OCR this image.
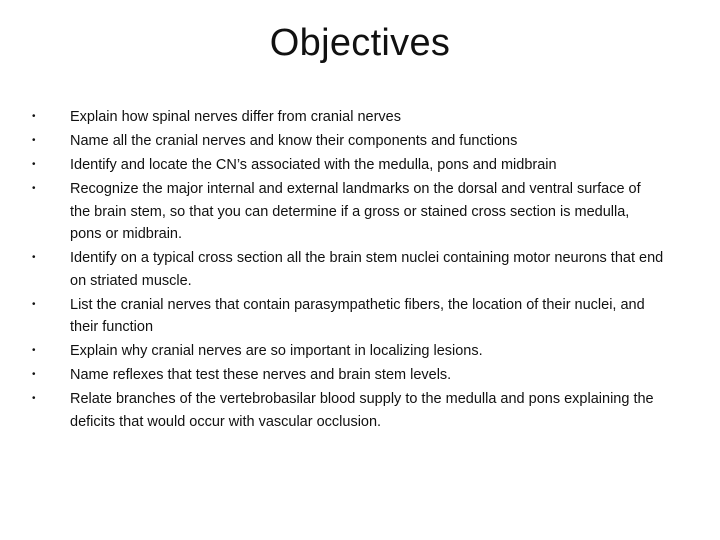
Objectives
•	Explain how spinal nerves differ from cranial nerves
•	Name all the cranial nerves and know their components and functions
•	Identify and locate the CN’s associated with the medulla, pons and midbrain
•	Recognize the major internal and external landmarks on the dorsal and ventral surface of the brain stem, so that you can determine if a gross or stained cross section is medulla, pons or midbrain.
•	Identify on a typical cross section all the brain stem nuclei containing motor neurons that end on striated muscle.
•	List the cranial nerves that contain parasympathetic fibers, the location of their nuclei, and their function
•	Explain why cranial nerves are so important in localizing lesions.
•	Name reflexes that test these nerves and brain stem levels.
•	Relate branches of the vertebrobasilar blood supply to the medulla and pons explaining the deficits that would occur with vascular occlusion.
